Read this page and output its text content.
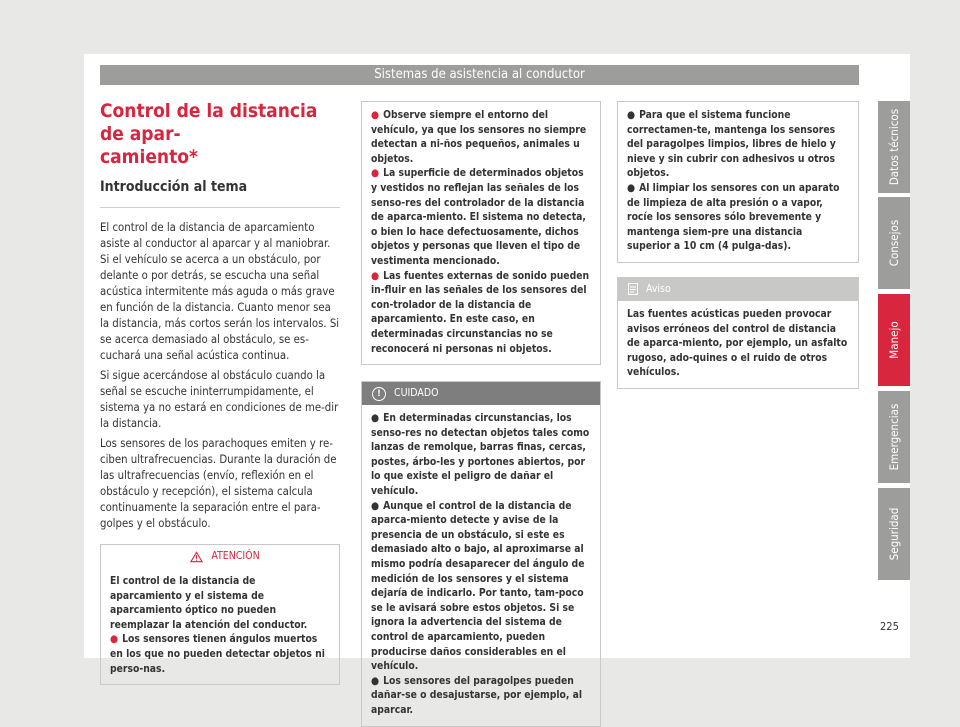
Sistemas de asistencia al conductor
Control de la distancia de apar-
camiento*
Introducción al tema

El control de la distancia de aparcamiento asiste al conductor al aparcar y al maniobrar. Si el vehículo se acerca a un obstáculo, por delante o por detrás, se escucha una señal acústica intermitente más aguda o más grave en función de la distancia. Cuanto menor sea la distancia, más cortos serán los intervalos. Si se acerca demasiado al obstáculo, se es-cuchará una señal acústica continua.

Si sigue acercándose al obstáculo cuando la señal se escuche ininterrumpidamente, el sistema ya no estará en condiciones de me-dir la distancia.

Los sensores de los parachoques emiten y re-ciben ultrafrecuencias. Durante la duración de las ultrafrecuencias (envío, reflexión en el obstáculo y recepción), el sistema calcula continuamente la separación entre el para-golpes y el obstáculo.

ATENCIÓN

El control de la distancia de aparcamiento y el sistema de aparcamiento óptico no pueden reemplazar la atención del conductor.

● Los sensores tienen ángulos muertos en los que no pueden detectar objetos ni perso-nas.

● Observe siempre el entorno del vehículo, ya que los sensores no siempre detectan a ni-ños pequeños, animales u objetos.

● La superficie de determinados objetos y vestidos no reflejan las señales de los senso-res del controlador de la distancia de aparca-miento. El sistema no detecta, o bien lo hace defectuosamente, dichos objetos y personas que lleven el tipo de vestimenta mencionado.

● Las fuentes externas de sonido pueden in-fluir en las señales de los sensores del con-trolador de la distancia de aparcamiento. En este caso, en determinadas circunstancias no se reconocerá ni personas ni objetos.

!	CUIDADO

● En determinadas circunstancias, los senso-res no detectan objetos tales como lanzas de remolque, barras finas, cercas, postes, árbo-les y portones abiertos, por lo que existe el peligro de dañar el vehículo.

● Aunque el control de la distancia de aparca-miento detecte y avise de la presencia de un obstáculo, si este es demasiado alto o bajo, al aproximarse al mismo podría desaparecer del ángulo de medición de los sensores y el sistema dejaría de indicarlo. Por tanto, tam-poco se le avisará sobre estos objetos. Si se ignora la advertencia del sistema de control de aparcamiento, pueden producirse daños considerables en el vehículo.

● Los sensores del paragolpes pueden dañar-se o desajustarse, por ejemplo, al aparcar.

● Para que el sistema funcione correctamen-te, mantenga los sensores del paragolpes limpios, libres de hielo y nieve y sin cubrir con adhesivos u otros objetos.

● Al limpiar los sensores con un aparato de limpieza de alta presión o a vapor, rocíe los sensores sólo brevemente y mantenga siem-pre una distancia superior a 10 cm (4 pulga-das).

Aviso

Las fuentes acústicas pueden provocar avisos erróneos del control de distancia de aparca-miento, por ejemplo, un asfalto rugoso, ado-quines o el ruido de otros vehículos.

Datos técnicos
Consejos
Manejo
Emergencias
Seguridad
225
